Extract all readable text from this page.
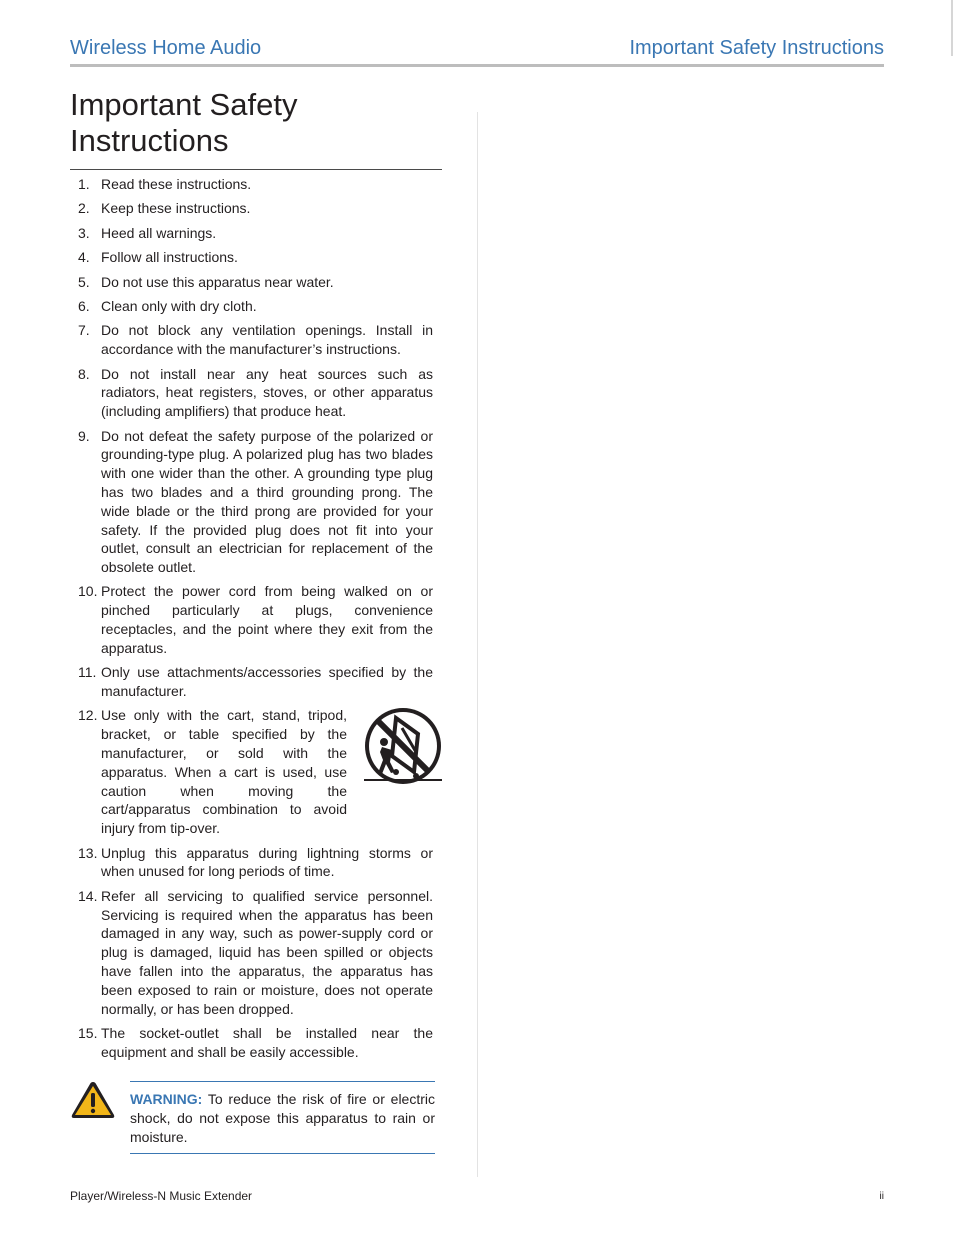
Wireless Home Audio	Important Safety Instructions
Important Safety
Instructions
1. Read these instructions.
2. Keep these instructions.
3. Heed all warnings.
4. Follow all instructions.
5. Do not use this apparatus near water.
6. Clean only with dry cloth.
7. Do not block any ventilation openings. Install in accordance with the manufacturer’s instructions.
8. Do not install near any heat sources such as radiators, heat registers, stoves, or other apparatus (including amplifiers) that produce heat.
9. Do not defeat the safety purpose of the polarized or grounding-type plug. A polarized plug has two blades with one wider than the other. A grounding type plug has two blades and a third grounding prong. The wide blade or the third prong are provided for your safety. If the provided plug does not fit into your outlet, consult an electrician for replacement of the obsolete outlet.
10. Protect the power cord from being walked on or pinched particularly at plugs, convenience receptacles, and the point where they exit from the apparatus.
11. Only use attachments/accessories specified by the manufacturer.
12. Use only with the cart, stand, tripod, bracket, or table specified by the manufacturer, or sold with the apparatus. When a cart is used, use caution when moving the cart/apparatus combination to avoid injury from tip-over.
13. Unplug this apparatus during lightning storms or when unused for long periods of time.
14. Refer all servicing to qualified service personnel. Servicing is required when the apparatus has been damaged in any way, such as power-supply cord or plug is damaged, liquid has been spilled or objects have fallen into the apparatus, the apparatus has been exposed to rain or moisture, does not operate normally, or has been dropped.
15. The socket-outlet shall be installed near the equipment and shall be easily accessible.

WARNING: To reduce the risk of fire or electric shock, do not expose this apparatus to rain or moisture.

Player/Wireless-N Music Extender	ii
